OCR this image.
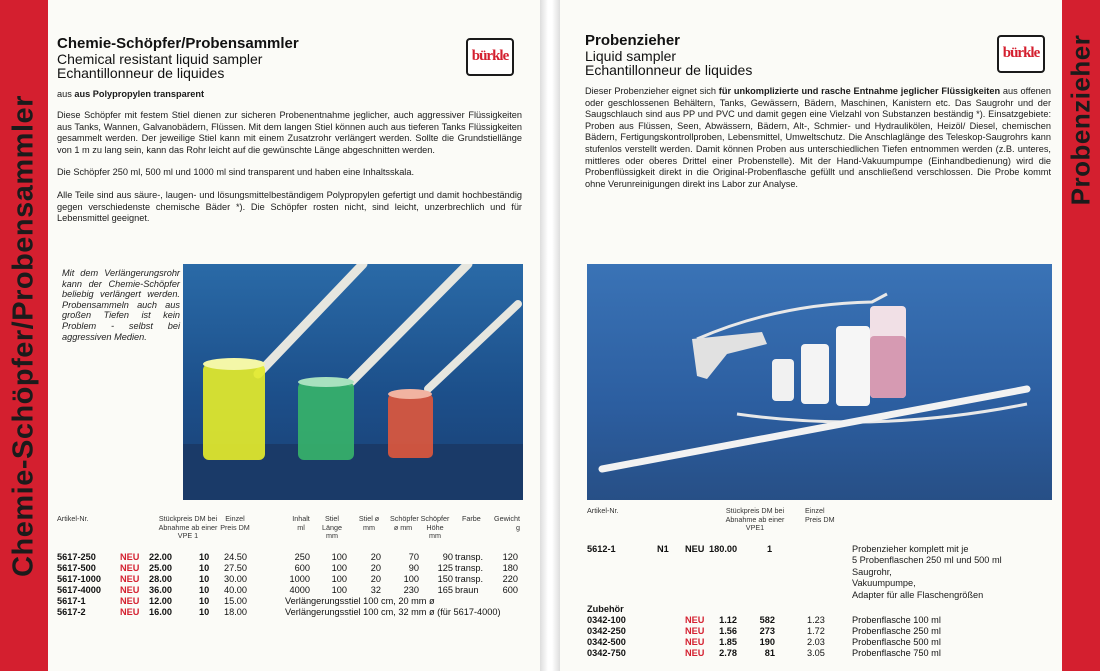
Chemie-Schöpfer/Probensammler
Chemie-Schöpfer/Probensammler
Chemical resistant liquid sampler
Echantillonneur de liquides
bürkle
aus aus Polypropylen transparent

Diese Schöpfer mit festem Stiel dienen zur sicheren Probenentnahme jeglicher, auch aggressiver Flüssigkeiten aus Tanks, Wannen, Galvanobädern, Flüssen. Mit dem langen Stiel können auch aus tieferen Tanks Flüssigkeiten gesammelt werden. Der jeweilige Stiel kann mit einem Zusatzrohr verlängert werden. Sollte die Grundstiellänge von 1 m zu lang sein, kann das Rohr leicht auf die gewünschte Länge abgeschnitten werden.

Die Schöpfer 250 ml, 500 ml und 1000 ml sind transparent und haben eine Inhaltsskala.

Alle Teile sind aus säure-, laugen- und lösungsmittelbeständigem Polypropylen gefertigt und damit hochbeständig gegen verschiedenste chemische Bäder *). Die Schöpfer rosten nicht, sind leicht, unzerbrechlich und für Lebensmittel geeignet.

Mit dem Verlängerungsrohr kann der Chemie-Schöpfer beliebig verlängert werden. Probensammeln auch aus großen Tiefen ist kein Problem - selbst bei aggressiven Medien.
Artikel-Nr.	Stückpreis DM bei Abnahme ab einer VPE 1
Einzel Preis DM
Inhalt ml
Stiel Länge mm
Stiel ø mm
Schöpfer ø mm
Schöpfer Höhe mm
Farbe	Gewicht g
5617-250	NEU 22.00	10 24.50	250	100	20	70	90 transp.	120
5617-500	NEU 25.00	10 27.50	600	100	20	90	125 transp.	180
5617-1000 NEU 28.00	10 30.00	1000	100	20	100	150 transp.	220
5617-4000 NEU 36.00	10 40.00	4000	100	32	230	165 braun	600
5617-1	NEU 12.00	10 15.00	Verlängerungsstiel 100 cm, 20 mm ø
5617-2	NEU 16.00	10 18.00	Verlängerungsstiel 100 cm, 32 mm ø (für 5617-4000)
Probenzieher
Probenzieher
Liquid sampler
Echantillonneur de liquides
bürkle
Dieser Probenzieher eignet sich für unkomplizierte und rasche Entnahme jeglicher Flüssigkeiten aus offenen oder geschlossenen Behältern, Tanks, Gewässern, Bädern, Maschinen, Kanistern etc. Das Saugrohr und der Saugschlauch sind aus PP und PVC und damit gegen eine Vielzahl von Substanzen beständig *). Einsatzgebiete: Proben aus Flüssen, Seen, Abwässern, Bädern, Alt-, Schmier- und Hydraulikölen, Heizöl/ Diesel, chemischen Bädern, Fertigungskontrollproben, Lebensmittel, Umweltschutz. Die Anschlaglänge des Teleskop-Saugrohrs kann stufenlos verstellt werden. Damit können Proben aus unterschiedlichen Tiefen entnommen werden (z.B. unteres, mittleres oder oberes Drittel einer Probenstelle). Mit der Hand-Vakuumpumpe (Einhandbedienung) wird die Probenflüssigkeit direkt in die Original-Probenflasche gefüllt und anschließend verschlossen. Die Probe kommt ohne Verunreinigungen direkt ins Labor zur Analyse.
Artikel-Nr.	Stückpreis DM bei Abnahme ab einer VPE1
Einzel Preis DM
5612-1	N1 NEU 180.00	1	Probenzieher komplett mit je
5 Probenflaschen 250 ml und 500 ml
Saugrohr,
Vakuumpumpe,
Adapter für alle Flaschengrößen
Zubehör
0342-100	NEU	1.12	582	1.23	Probenflasche 100 ml
0342-250	NEU	1.56	273	1.72	Probenflasche 250 ml
0342-500	NEU	1.85	190	2.03	Probenflasche 500 ml
0342-750	NEU	2.78	81	3.05	Probenflasche 750 ml
